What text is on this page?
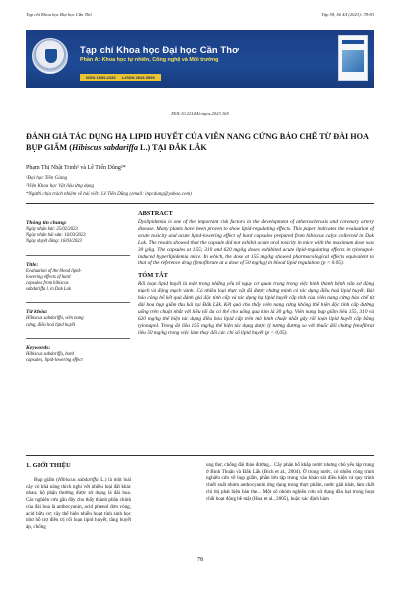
Tạp chí Khoa học Đại học Cần Thơ	Tập 59, Số 4A (2023): 78-83
Tạp chí Khoa học Đại học Cần Thơ
Phần A: Khoa học tự nhiên, Công nghệ và Môi trường
ISSN 1859-2333 e-ISSN 2815-5599
DOI:10.22144/ctujos.2023.165
ĐÁNH GIÁ TÁC DỤNG HẠ LIPID HUYẾT CỦA VIÊN NANG CỨNG BẢO CHẾ TỪ ĐÀI HOA BỤP GIẤM (Hibiscus sabdariffa L.) TẠI ĐẮK LẮK
Phạm Thị Nhật Trinh¹ và Lê Tiến Dũng²*
¹Đại học Tiền Giang
²Viện Khoa học Vật liệu ứng dụng
*Người chịu trách nhiệm về bài viết: Lê Tiến Dũng (email: inpcdung@yahoo.com)
Thông tin chung:
Ngày nhận bài: 25/02/2023
Ngày nhận bài sửa: 16/03/2023
Ngày duyệt đăng: 16/03/2023
Title:
Evaluation of the blood lipid-
lowering effects of hard
capsules from hibiscus
sabdariffa l. in Dak Lak
Từ khóa:
Hibiscus sabdariffa, viên nang
cứng, điều hoà lipid huyết
Keywords:
Hibiscus sabdariffa, hard
capsules, lipid-lowering effect
ABSTRACT

Dyslipidemia is one of the important risk factors in the development of atherosclerosis and coronary artery disease. Many plants have been proven to show lipid-regulating effects. This paper indicates the evaluation of acute toxicity and acute lipid-lowering effect of hard capsules prepared from hibiscus calyx collected in Dak Lak. The results showed that the capsule did not exhibit acute oral toxicity in mice with the maximum dose was 30 g/kg. The capsules at 155; 310 and 620 mg/kg doses exhibited acute lipid-regulating effects in tylonapol-induced hyperlipidemia mice. In which, the dose at 155 mg/kg showed pharmacological effects equivalent to that of the reference drug (fenofibrate at a dose of 50 mg/kg) in blood lipid regulation (p < 0.05).

TÓM TẮT

Rối loạn lipid huyết là một trong những yếu tố nguy cơ quan trọng trong việc hình thành bệnh vữa xơ động mạch và động mạch vành. Có nhiều loại thực vật đã được chứng minh có tác dụng điều hoà lipid huyết. Bài báo công bố kết quả đánh giá độc tính cấp và tác dụng hạ lipid huyết cấp tính của viên nang cứng bào chế từ đài hoa bụp giấm thu hái tại Đắk Lắk. Kết quả cho thấy viên nang cứng không thể hiện độc tính cấp đường uống trên chuột nhắt với liều tối đa có thể cho uống qua kim là 30 g/kg. Viên nang bụp giấm liều 155, 310 và 620 mg/kg thể hiện tác dụng điều hòa lipid cấp trên mô hình chuột nhắt gây rối loạn lipid huyết cấp bằng tylonapol. Trong đó liều 155 mg/kg thể hiện tác dụng dược lý tương đương so với thuốc đối chứng fenofibrat liều 50 mg/kg trong việc làm thay đổi các chỉ số lipid huyết (p < 0,05).

1. GIỚI THIỆU
Bụp giấm (Hibiscus sabdariffa L.) là một loài cây có khả năng thích nghi với nhiều loại đất khác nhau; bộ phận thường được sử dụng là đài hoa. Các nghiên cứu gần đây cho thấy thành phần chính của đài hoa là anthocyanin, acid phenol đơn vòng, acid hữu cơ; cây thể hiện nhiều hoạt tính sinh học như hỗ trợ điều trị rối loạn lipid huyết, tăng huyết áp, chống
ung thư, chống đái tháo đường... Cây phân bố khắp nước nhưng chủ yếu tập trung ở Bình Thuận và Đắk Lắk (Bích et al., 2004). Ở trong nước, có nhiều công trình nghiên cứu về bụp giấm, phần lớn tập trung vào khảo sát điều kiện và quy trình chiết xuất nhóm anthocyanin ứng dụng trong thực phẩm, nước giải khát, làm chất chỉ thị phát hiện hàn the... Một số nhóm nghiên cứu sử dụng dầu hạt trong hoạt chất hoạt động bề mặt (Hoa et al., 2005), hoặc xác định hàm
78
